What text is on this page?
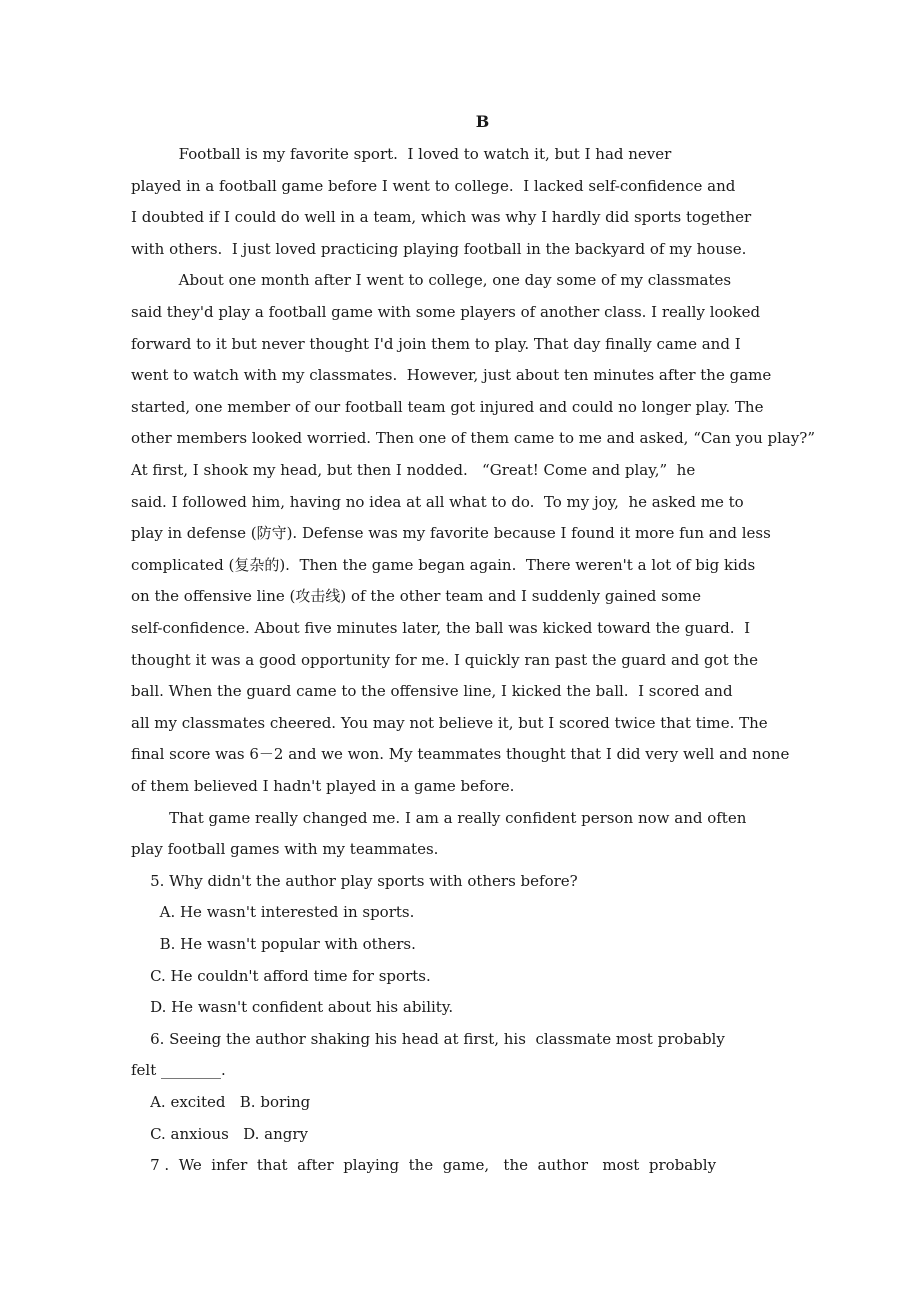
B
Football is my favorite sport.  I loved to watch it, but I had never
played in a football game before I went to college.  I lacked self-confidence and
I doubted if I could do well in a team, which was why I hardly did sports together
with others.  I just loved practicing playing football in the backyard of my house.
About one month after I went to college, one day some of my classmates
said they'd play a football game with some players of another class. I really looked
forward to it but never thought I'd join them to play. That day finally came and I
went to watch with my classmates.  However, just about ten minutes after the game
started, one member of our football team got injured and could no longer play. The
other members looked worried. Then one of them came to me and asked, “Can you play?”
At first, I shook my head, but then I nodded.   “Great! Come and play,”  he
said. I followed him, having no idea at all what to do.  To my joy,  he asked me to
play in defense (防守). Defense was my favorite because I found it more fun and less
complicated (复杂的).  Then the game began again.  There weren't a lot of big kids
on the offensive line (攻击线) of the other team and I suddenly gained some
self-confidence. About five minutes later, the ball was kicked toward the guard.  I
thought it was a good opportunity for me. I quickly ran past the guard and got the
ball. When the guard came to the offensive line, I kicked the ball.  I scored and
all my classmates cheered. You may not believe it, but I scored twice that time. The
final score was 6－2 and we won. My teammates thought that I did very well and none
of them believed I hadn't played in a game before.
That game really changed me. I am a really confident person now and often
play football games with my teammates.
5. Why didn't the author play sports with others before?
A. He wasn't interested in sports.
B. He wasn't popular with others.
C. He couldn't afford time for sports.
D. He wasn't confident about his ability.
6. Seeing the author shaking his head at first, his  classmate most probably
felt ________.
A. excited   B. boring
C. anxious   D. angry
7 .  We  infer  that  after  playing  the  game,   the  author   most  probably
